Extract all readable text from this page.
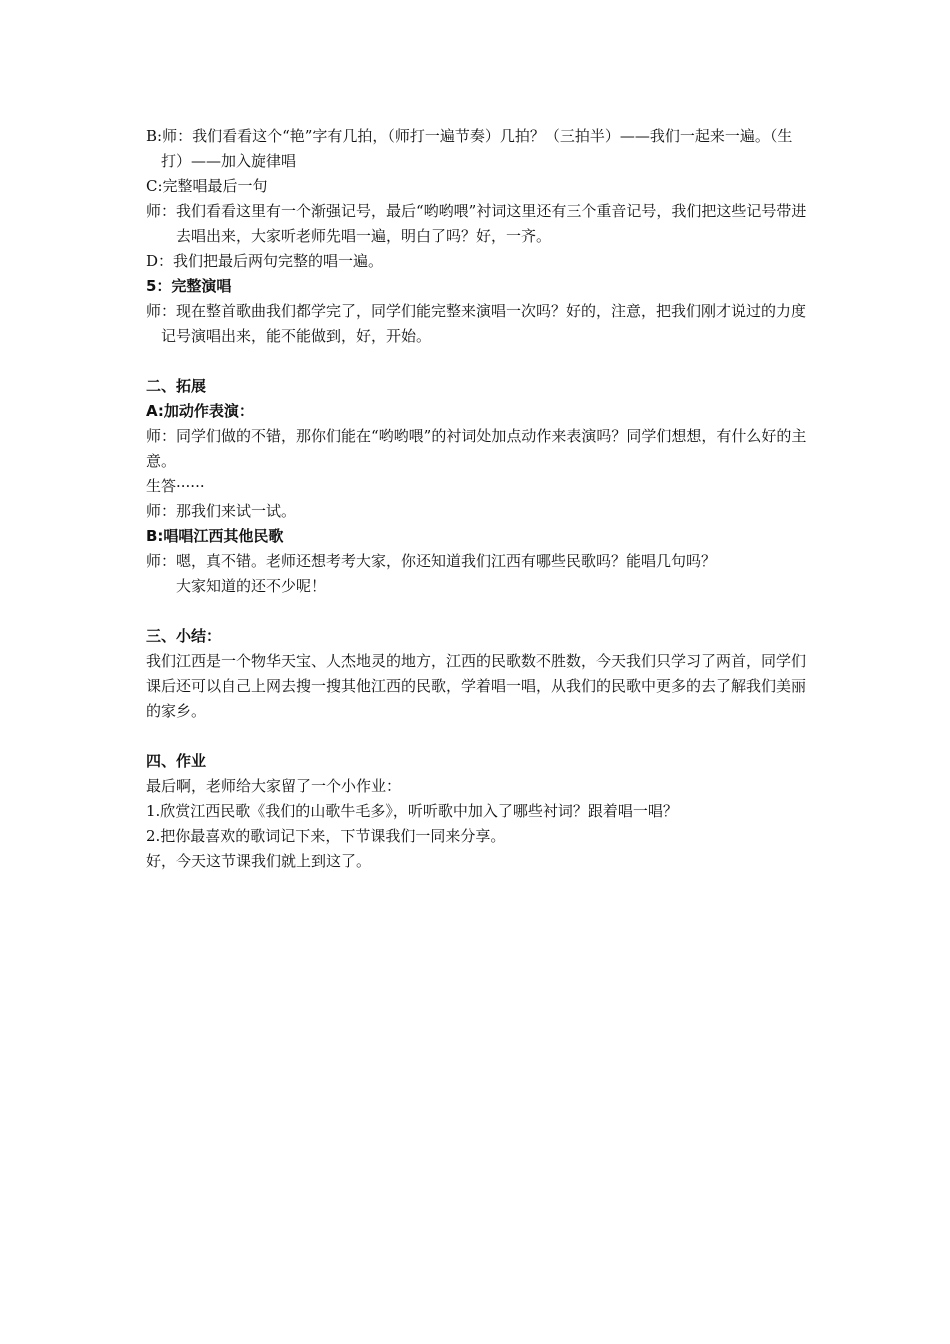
B:师：我们看看这个“艳”字有几拍，（师打一遍节奏）几拍？（三拍半）——我们一起来一遍。（生打）——加入旋律唱
C:完整唱最后一句
师：我们看看这里有一个渐强记号，最后“哟哟喂”衬词这里还有三个重音记号，我们把这些记号带进去唱出来，大家听老师先唱一遍，明白了吗？好，一齐。
D：我们把最后两句完整的唱一遍。
5：完整演唱
师：现在整首歌曲我们都学完了，同学们能完整来演唱一次吗？好的，注意，把我们刚才说过的力度记号演唱出来，能不能做到，好，开始。
二、拓展
A:加动作表演：
师：同学们做的不错，那你们能在“哟哟喂”的衬词处加点动作来表演吗？同学们想想，有什么好的主意。
生答······
师：那我们来试一试。
B:唱唱江西其他民歌
师：嗯，真不错。老师还想考考大家，你还知道我们江西有哪些民歌吗？能唱几句吗？
大家知道的还不少呢！
三、小结：
我们江西是一个物华天宝、人杰地灵的地方，江西的民歌数不胜数，今天我们只学习了两首，同学们课后还可以自己上网去搜一搜其他江西的民歌，学着唱一唱，从我们的民歌中更多的去了解我们美丽的家乡。
四、作业
最后啊，老师给大家留了一个小作业：
1.欣赏江西民歌《我们的山歌牛毛多》，听听歌中加入了哪些衬词？跟着唱一唱？
2.把你最喜欢的歌词记下来，下节课我们一同来分享。
好，今天这节课我们就上到这了。
